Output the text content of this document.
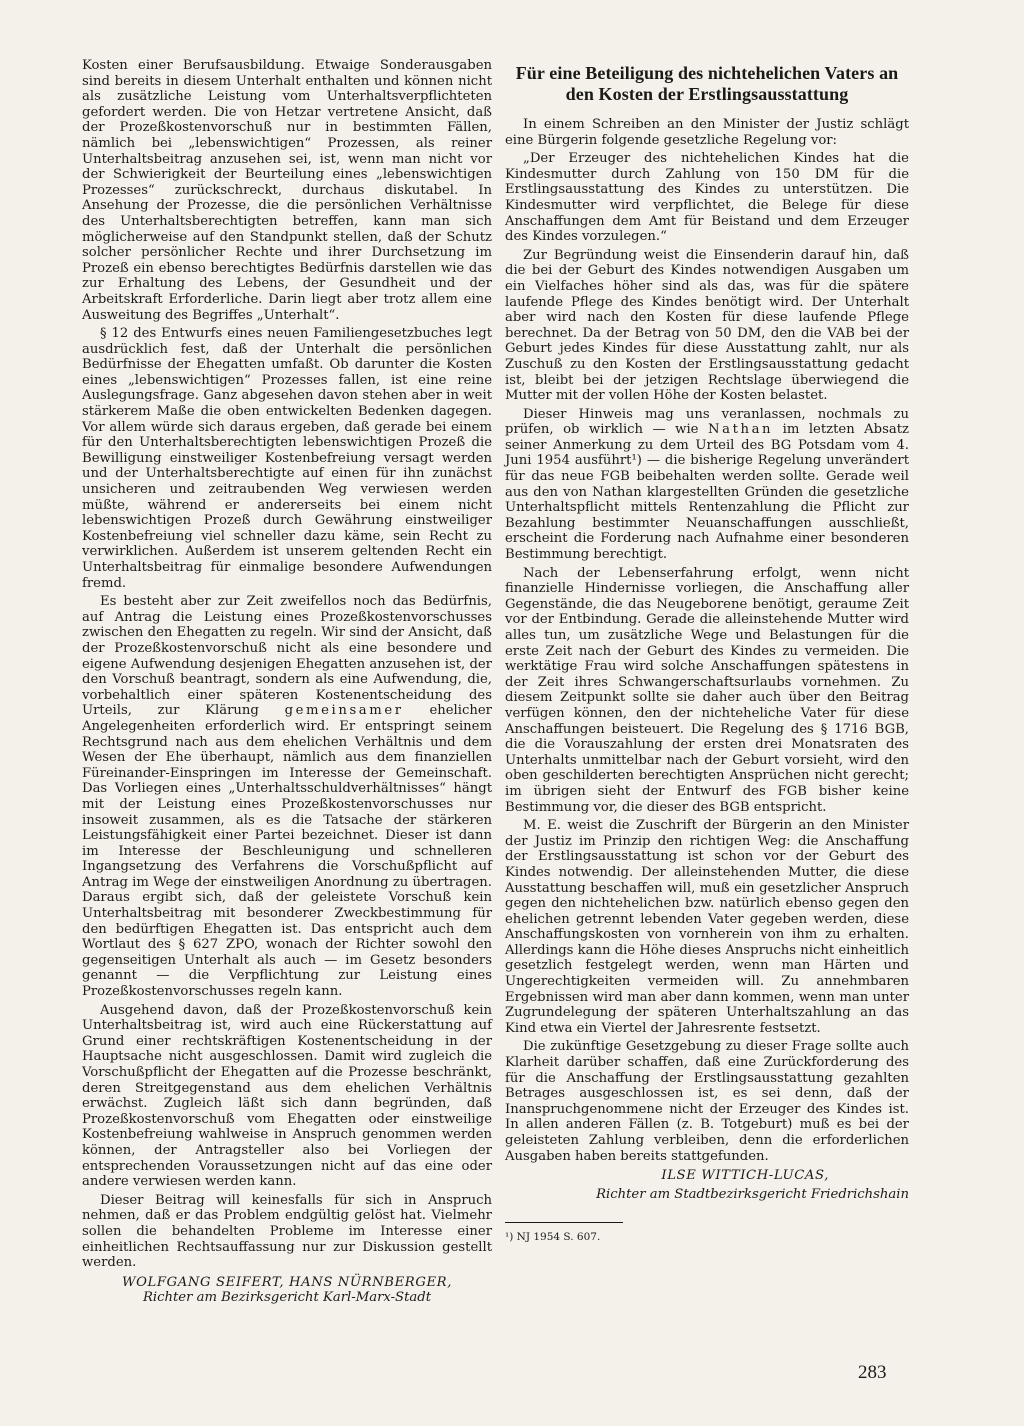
Kosten einer Berufsausbildung. Etwaige Sonderausgaben sind bereits in diesem Unterhalt enthalten und können nicht als zusätzliche Leistung vom Unterhaltsverpflichteten gefordert werden. Die von Hetzar vertretene Ansicht, daß der Prozeßkostenvorschuß nur in bestimmten Fällen, nämlich bei „lebenswichtigen“ Prozessen, als reiner Unterhaltsbeitrag anzusehen sei, ist, wenn man nicht vor der Schwierigkeit der Beurteilung eines „lebenswichtigen Prozesses“ zurückschreckt, durchaus diskutabel. In Ansehung der Prozesse, die die persönlichen Verhältnisse des Unterhaltsberechtigten betreffen, kann man sich möglicherweise auf den Standpunkt stellen, daß der Schutz solcher persönlicher Rechte und ihrer Durchsetzung im Prozeß ein ebenso berechtigtes Bedürfnis darstellen wie das zur Erhaltung des Lebens, der Gesundheit und der Arbeitskraft Erforderliche. Darin liegt aber trotz allem eine Ausweitung des Begriffes „Unterhalt“.

§ 12 des Entwurfs eines neuen Familiengesetzbuches legt ausdrücklich fest, daß der Unterhalt die persönlichen Bedürfnisse der Ehegatten umfaßt. Ob darunter die Kosten eines „lebenswichtigen“ Prozesses fallen, ist eine reine Auslegungsfrage. Ganz abgesehen davon stehen aber in weit stärkerem Maße die oben entwickelten Bedenken dagegen. Vor allem würde sich daraus ergeben, daß gerade bei einem für den Unterhaltsberechtigten lebenswichtigen Prozeß die Bewilligung einstweiliger Kostenbefreiung versagt werden und der Unterhaltsberechtigte auf einen für ihn zunächst unsicheren und zeitraubenden Weg verwiesen werden müßte, während er andererseits bei einem nicht lebenswichtigen Prozeß durch Gewährung einstweiliger Kostenbefreiung viel schneller dazu käme, sein Recht zu verwirklichen. Außerdem ist unserem geltenden Recht ein Unterhaltsbeitrag für einmalige besondere Aufwendungen fremd.

Es besteht aber zur Zeit zweifellos noch das Bedürfnis, auf Antrag die Leistung eines Prozeßkostenvorschusses zwischen den Ehegatten zu regeln. Wir sind der Ansicht, daß der Prozeßkostenvorschuß nicht als eine besondere und eigene Aufwendung desjenigen Ehegatten anzusehen ist, der den Vorschuß beantragt, sondern als eine Aufwendung, die, vorbehaltlich einer späteren Kostenentscheidung des Urteils, zur Klärung gemeinsamer ehelicher Angelegenheiten erforderlich wird. Er entspringt seinem Rechtsgrund nach aus dem ehelichen Verhältnis und dem Wesen der Ehe überhaupt, nämlich aus dem finanziellen Füreinander-Einspringen im Interesse der Gemeinschaft. Das Vorliegen eines „Unterhaltsschuldverhältnisses“ hängt mit der Leistung eines Prozeßkostenvorschusses nur insoweit zusammen, als es die Tatsache der stärkeren Leistungsfähigkeit einer Partei bezeichnet. Dieser ist dann im Interesse der Beschleunigung und schnelleren Ingangsetzung des Verfahrens die Vorschußpflicht auf Antrag im Wege der einstweiligen Anordnung zu übertragen. Daraus ergibt sich, daß der geleistete Vorschuß kein Unterhaltsbeitrag mit besonderer Zweckbestimmung für den bedürftigen Ehegatten ist. Das entspricht auch dem Wortlaut des § 627 ZPO, wonach der Richter sowohl den gegenseitigen Unterhalt als auch — im Gesetz besonders genannt — die Verpflichtung zur Leistung eines Prozeßkostenvorschusses regeln kann.

Ausgehend davon, daß der Prozeßkostenvorschuß kein Unterhaltsbeitrag ist, wird auch eine Rückerstattung auf Grund einer rechtskräftigen Kostenentscheidung in der Hauptsache nicht ausgeschlossen. Damit wird zugleich die Vorschußpflicht der Ehegatten auf die Prozesse beschränkt, deren Streitgegenstand aus dem ehelichen Verhältnis erwächst. Zugleich läßt sich dann begründen, daß Prozeßkostenvorschuß vom Ehegatten oder einstweilige Kostenbefreiung wahlweise in Anspruch genommen werden können, der Antragsteller also bei Vorliegen der entsprechenden Voraussetzungen nicht auf das eine oder andere verwiesen werden kann.

Dieser Beitrag will keinesfalls für sich in Anspruch nehmen, daß er das Problem endgültig gelöst hat. Vielmehr sollen die behandelten Probleme im Interesse einer einheitlichen Rechtsauffassung nur zur Diskussion gestellt werden.

WOLFGANG SEIFERT, HANS NÜRNBERGER,

Richter am Bezirksgericht Karl-Marx-Stadt

Für eine Beteiligung des nichtehelichen Vaters an den Kosten der Erstlingsausstattung

In einem Schreiben an den Minister der Justiz schlägt eine Bürgerin folgende gesetzliche Regelung vor:

„Der Erzeuger des nichtehelichen Kindes hat die Kindesmutter durch Zahlung von 150 DM für die Erstlingsausstattung des Kindes zu unterstützen. Die Kindesmutter wird verpflichtet, die Belege für diese Anschaffungen dem Amt für Beistand und dem Erzeuger des Kindes vorzulegen.“

Zur Begründung weist die Einsenderin darauf hin, daß die bei der Geburt des Kindes notwendigen Ausgaben um ein Vielfaches höher sind als das, was für die spätere laufende Pflege des Kindes benötigt wird. Der Unterhalt aber wird nach den Kosten für diese laufende Pflege berechnet. Da der Betrag von 50 DM, den die VAB bei der Geburt jedes Kindes für diese Ausstattung zahlt, nur als Zuschuß zu den Kosten der Erstlingsausstattung gedacht ist, bleibt bei der jetzigen Rechtslage überwiegend die Mutter mit der vollen Höhe der Kosten belastet.

Dieser Hinweis mag uns veranlassen, nochmals zu prüfen, ob wirklich — wie Nathan im letzten Absatz seiner Anmerkung zu dem Urteil des BG Potsdam vom 4. Juni 1954 ausführt¹) — die bisherige Regelung unverändert für das neue FGB beibehalten werden sollte. Gerade weil aus den von Nathan klargestellten Gründen die gesetzliche Unterhaltspflicht mittels Rentenzahlung die Pflicht zur Bezahlung bestimmter Neuanschaffungen ausschließt, erscheint die Forderung nach Aufnahme einer besonderen Bestimmung berechtigt.

Nach der Lebenserfahrung erfolgt, wenn nicht finanzielle Hindernisse vorliegen, die Anschaffung aller Gegenstände, die das Neugeborene benötigt, geraume Zeit vor der Entbindung. Gerade die alleinstehende Mutter wird alles tun, um zusätzliche Wege und Belastungen für die erste Zeit nach der Geburt des Kindes zu vermeiden. Die werktätige Frau wird solche Anschaffungen spätestens in der Zeit ihres Schwangerschaftsurlaubs vornehmen. Zu diesem Zeitpunkt sollte sie daher auch über den Beitrag verfügen können, den der nichteheliche Vater für diese Anschaffungen beisteuert. Die Regelung des § 1716 BGB, die die Vorauszahlung der ersten drei Monatsraten des Unterhalts unmittelbar nach der Geburt vorsieht, wird den oben geschilderten berechtigten Ansprüchen nicht gerecht; im übrigen sieht der Entwurf des FGB bisher keine Bestimmung vor, die dieser des BGB entspricht.

M. E. weist die Zuschrift der Bürgerin an den Minister der Justiz im Prinzip den richtigen Weg: die Anschaffung der Erstlingsausstattung ist schon vor der Geburt des Kindes notwendig. Der alleinstehenden Mutter, die diese Ausstattung beschaffen will, muß ein gesetzlicher Anspruch gegen den nichtehelichen bzw. natürlich ebenso gegen den ehelichen getrennt lebenden Vater gegeben werden, diese Anschaffungskosten von vornherein von ihm zu erhalten. Allerdings kann die Höhe dieses Anspruchs nicht einheitlich gesetzlich festgelegt werden, wenn man Härten und Ungerechtigkeiten vermeiden will. Zu annehmbaren Ergebnissen wird man aber dann kommen, wenn man unter Zugrundelegung der späteren Unterhaltszahlung an das Kind etwa ein Viertel der Jahresrente festsetzt.

Die zukünftige Gesetzgebung zu dieser Frage sollte auch Klarheit darüber schaffen, daß eine Zurückforderung des für die Anschaffung der Erstlingsausstattung gezahlten Betrages ausgeschlossen ist, es sei denn, daß der Inanspruchgenommene nicht der Erzeuger des Kindes ist. In allen anderen Fällen (z. B. Totgeburt) muß es bei der geleisteten Zahlung verbleiben, denn die erforderlichen Ausgaben haben bereits stattgefunden.

ILSE WITTICH-LUCAS,

Richter am Stadtbezirksgericht Friedrichshain

¹) NJ 1954 S. 607.

283
